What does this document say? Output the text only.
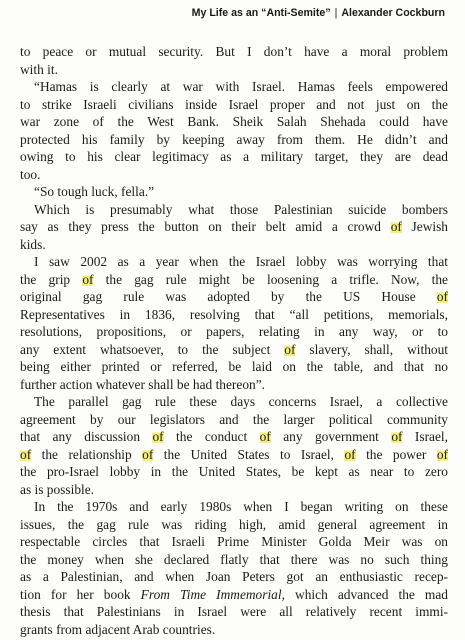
My Life as an “Anti-Semite” | Alexander Cockburn
to peace or mutual security. But I don’t have a moral problem
with it.
“Hamas is clearly at war with Israel. Hamas feels empowered
to strike Israeli civilians inside Israel proper and not just on the
war zone of the West Bank. Sheik Salah Shehada could have
protected his family by keeping away from them. He didn’t and
owing to his clear legitimacy as a military target, they are dead
too.
“So tough luck, fella.”
Which is presumably what those Palestinian suicide bombers
say as they press the button on their belt amid a crowd of Jewish
kids.
I saw 2002 as a year when the Israel lobby was worrying that
the grip of the gag rule might be loosening a trifle. Now, the
original gag rule was adopted by the US House of
Representatives in 1836, resolving that “all petitions, memorials,
resolutions, propositions, or papers, relating in any way, or to
any extent whatsoever, to the subject of slavery, shall, without
being either printed or referred, be laid on the table, and that no
further action whatever shall be had thereon”.
The parallel gag rule these days concerns Israel, a collective
agreement by our legislators and the larger political community
that any discussion of the conduct of any government of Israel,
of the relationship of the United States to Israel, of the power of
the pro-Israel lobby in the United States, be kept as near to zero
as is possible.
In the 1970s and early 1980s when I began writing on these
issues, the gag rule was riding high, amid general agreement in
respectable circles that Israeli Prime Minister Golda Meir was on
the money when she declared flatly that there was no such thing
as a Palestinian, and when Joan Peters got an enthusiastic recep-
tion for her book From Time Immemorial, which advanced the mad
thesis that Palestinians in Israel were all relatively recent immi-
grants from adjacent Arab countries.
